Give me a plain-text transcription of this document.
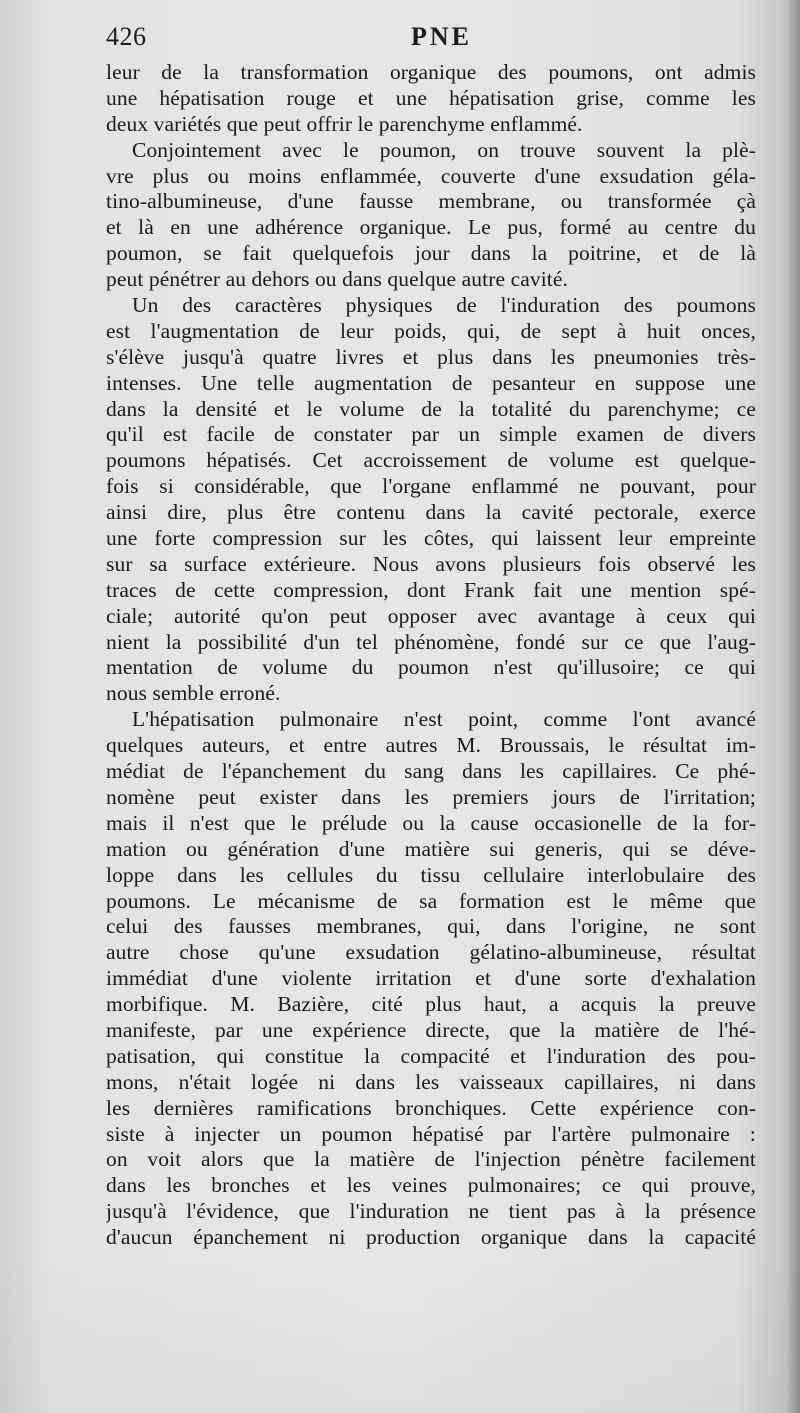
426	PNE
leur de la transformation organique des poumons, ont admis
une hépatisation rouge et une hépatisation grise, comme les
deux variétés que peut offrir le parenchyme enflammé.
Conjointement avec le poumon, on trouve souvent la plè-
vre plus ou moins enflammée, couverte d'une exsudation géla-
tino-albumineuse, d'une fausse membrane, ou transformée çà
et là en une adhérence organique. Le pus, formé au centre du
poumon, se fait quelquefois jour dans la poitrine, et de là
peut pénétrer au dehors ou dans quelque autre cavité.
Un des caractères physiques de l'induration des poumons
est l'augmentation de leur poids, qui, de sept à huit onces,
s'élève jusqu'à quatre livres et plus dans les pneumonies très-
intenses. Une telle augmentation de pesanteur en suppose une
dans la densité et le volume de la totalité du parenchyme; ce
qu'il est facile de constater par un simple examen de divers
poumons hépatisés. Cet accroissement de volume est quelque-
fois si considérable, que l'organe enflammé ne pouvant, pour
ainsi dire, plus être contenu dans la cavité pectorale, exerce
une forte compression sur les côtes, qui laissent leur empreinte
sur sa surface extérieure. Nous avons plusieurs fois observé les
traces de cette compression, dont Frank fait une mention spé-
ciale; autorité qu'on peut opposer avec avantage à ceux qui
nient la possibilité d'un tel phénomène, fondé sur ce que l'aug-
mentation de volume du poumon n'est qu'illusoire; ce qui
nous semble erroné.
L'hépatisation pulmonaire n'est point, comme l'ont avancé
quelques auteurs, et entre autres M. Broussais, le résultat im-
médiat de l'épanchement du sang dans les capillaires. Ce phé-
nomène peut exister dans les premiers jours de l'irritation;
mais il n'est que le prélude ou la cause occasionelle de la for-
mation ou génération d'une matière sui generis, qui se déve-
loppe dans les cellules du tissu cellulaire interlobulaire des
poumons. Le mécanisme de sa formation est le même que
celui des fausses membranes, qui, dans l'origine, ne sont
autre chose qu'une exsudation gélatino-albumineuse, résultat
immédiat d'une violente irritation et d'une sorte d'exhalation
morbifique. M. Bazière, cité plus haut, a acquis la preuve
manifeste, par une expérience directe, que la matière de l'hé-
patisation, qui constitue la compacité et l'induration des pou-
mons, n'était logée ni dans les vaisseaux capillaires, ni dans
les dernières ramifications bronchiques. Cette expérience con-
siste à injecter un poumon hépatisé par l'artère pulmonaire :
on voit alors que la matière de l'injection pénètre facilement
dans les bronches et les veines pulmonaires; ce qui prouve,
jusqu'à l'évidence, que l'induration ne tient pas à la présence
d'aucun épanchement ni production organique dans la capacité
